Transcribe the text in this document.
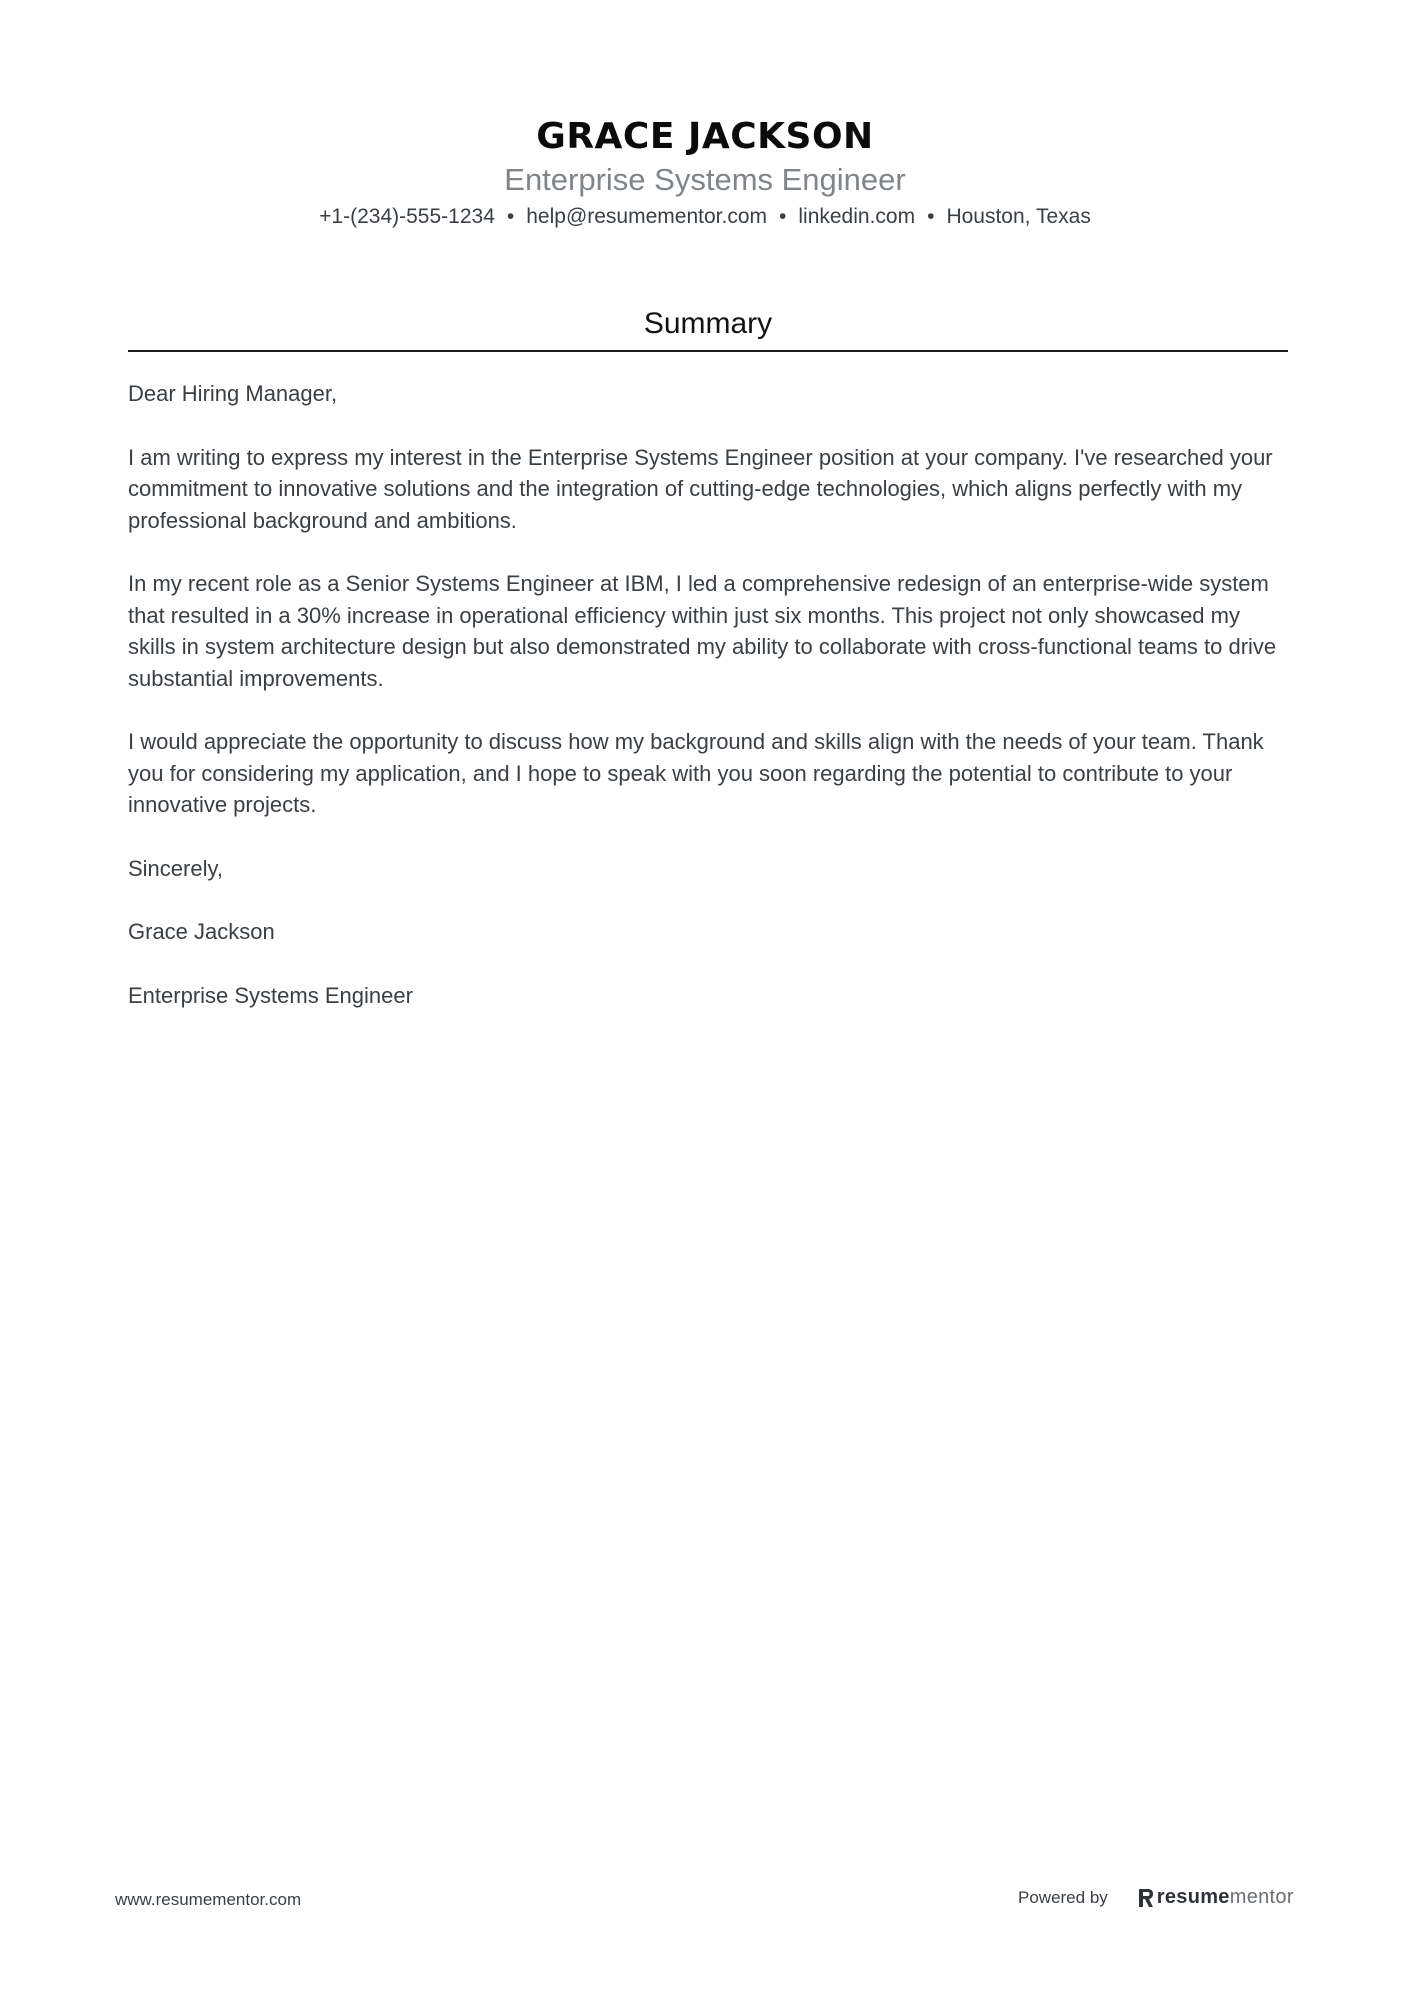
GRACE JACKSON
Enterprise Systems Engineer
+1-(234)-555-1234 • help@resumementor.com • linkedin.com • Houston, Texas
Summary

Dear Hiring Manager,

I am writing to express my interest in the Enterprise Systems Engineer position at your company. I've researched your commitment to innovative solutions and the integration of cutting-edge technologies, which aligns perfectly with my professional background and ambitions.

In my recent role as a Senior Systems Engineer at IBM, I led a comprehensive redesign of an enterprise-wide system that resulted in a 30% increase in operational efficiency within just six months. This project not only showcased my skills in system architecture design but also demonstrated my ability to collaborate with cross-functional teams to drive substantial improvements.

I would appreciate the opportunity to discuss how my background and skills align with the needs of your team. Thank you for considering my application, and I hope to speak with you soon regarding the potential to contribute to your innovative projects.

Sincerely,

Grace Jackson

Enterprise Systems Engineer

www.resumementor.com	Powered by resumementor
